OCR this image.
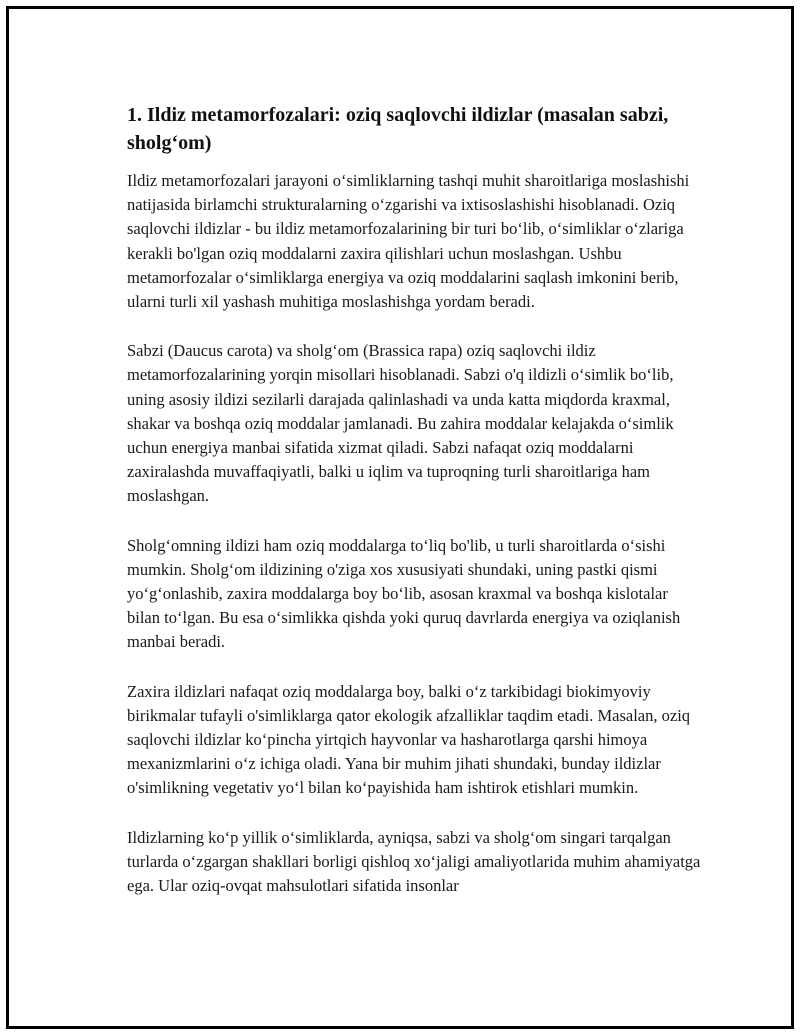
1. Ildiz metamorfozalari: oziq saqlovchi ildizlar (masalan sabzi, sholg‘om)

Ildiz metamorfozalari jarayoni o‘simliklarning tashqi muhit sharoitlariga moslashishi natijasida birlamchi strukturalarning o‘zgarishi va ixtisoslashishi hisoblanadi. Oziq saqlovchi ildizlar - bu ildiz metamorfozalarining bir turi bo‘lib, o‘simliklar o‘zlariga kerakli bo'lgan oziq moddalarni zaxira qilishlari uchun moslashgan. Ushbu metamorfozalar o‘simliklarga energiya va oziq moddalarini saqlash imkonini berib, ularni turli xil yashash muhitiga moslashishga yordam beradi.

Sabzi (Daucus carota) va sholg‘om (Brassica rapa) oziq saqlovchi ildiz metamorfozalarining yorqin misollari hisoblanadi. Sabzi o'q ildizli o‘simlik bo‘lib, uning asosiy ildizi sezilarli darajada qalinlashadi va unda katta miqdorda kraxmal, shakar va boshqa oziq moddalar jamlanadi. Bu zahira moddalar kelajakda o‘simlik uchun energiya manbai sifatida xizmat qiladi. Sabzi nafaqat oziq moddalarni zaxiralashda muvaffaqiyatli, balki u iqlim va tuproqning turli sharoitlariga ham moslashgan.

Sholg‘omning ildizi ham oziq moddalarga to‘liq bo'lib, u turli sharoitlarda o‘sishi mumkin. Sholg‘om ildizining o'ziga xos xususiyati shundaki, uning pastki qismi yo‘g‘onlashib, zaxira moddalarga boy bo‘lib, asosan kraxmal va boshqa kislotalar bilan to‘lgan. Bu esa o‘simlikka qishda yoki quruq davrlarda energiya va oziqlanish manbai beradi.

Zaxira ildizlari nafaqat oziq moddalarga boy, balki o‘z tarkibidagi biokimyoviy birikmalar tufayli o'simliklarga qator ekologik afzalliklar taqdim etadi. Masalan, oziq saqlovchi ildizlar ko‘pincha yirtqich hayvonlar va hasharotlarga qarshi himoya mexanizmlarini o‘z ichiga oladi. Yana bir muhim jihati shundaki, bunday ildizlar o'simlikning vegetativ yo‘l bilan ko‘payishida ham ishtirok etishlari mumkin.

Ildizlarning ko‘p yillik o‘simliklarda, ayniqsa, sabzi va sholg‘om singari tarqalgan turlarda o‘zgargan shakllari borligi qishloq xo‘jaligi amaliyotlarida muhim ahamiyatga ega. Ular oziq-ovqat mahsulotlari sifatida insonlar
